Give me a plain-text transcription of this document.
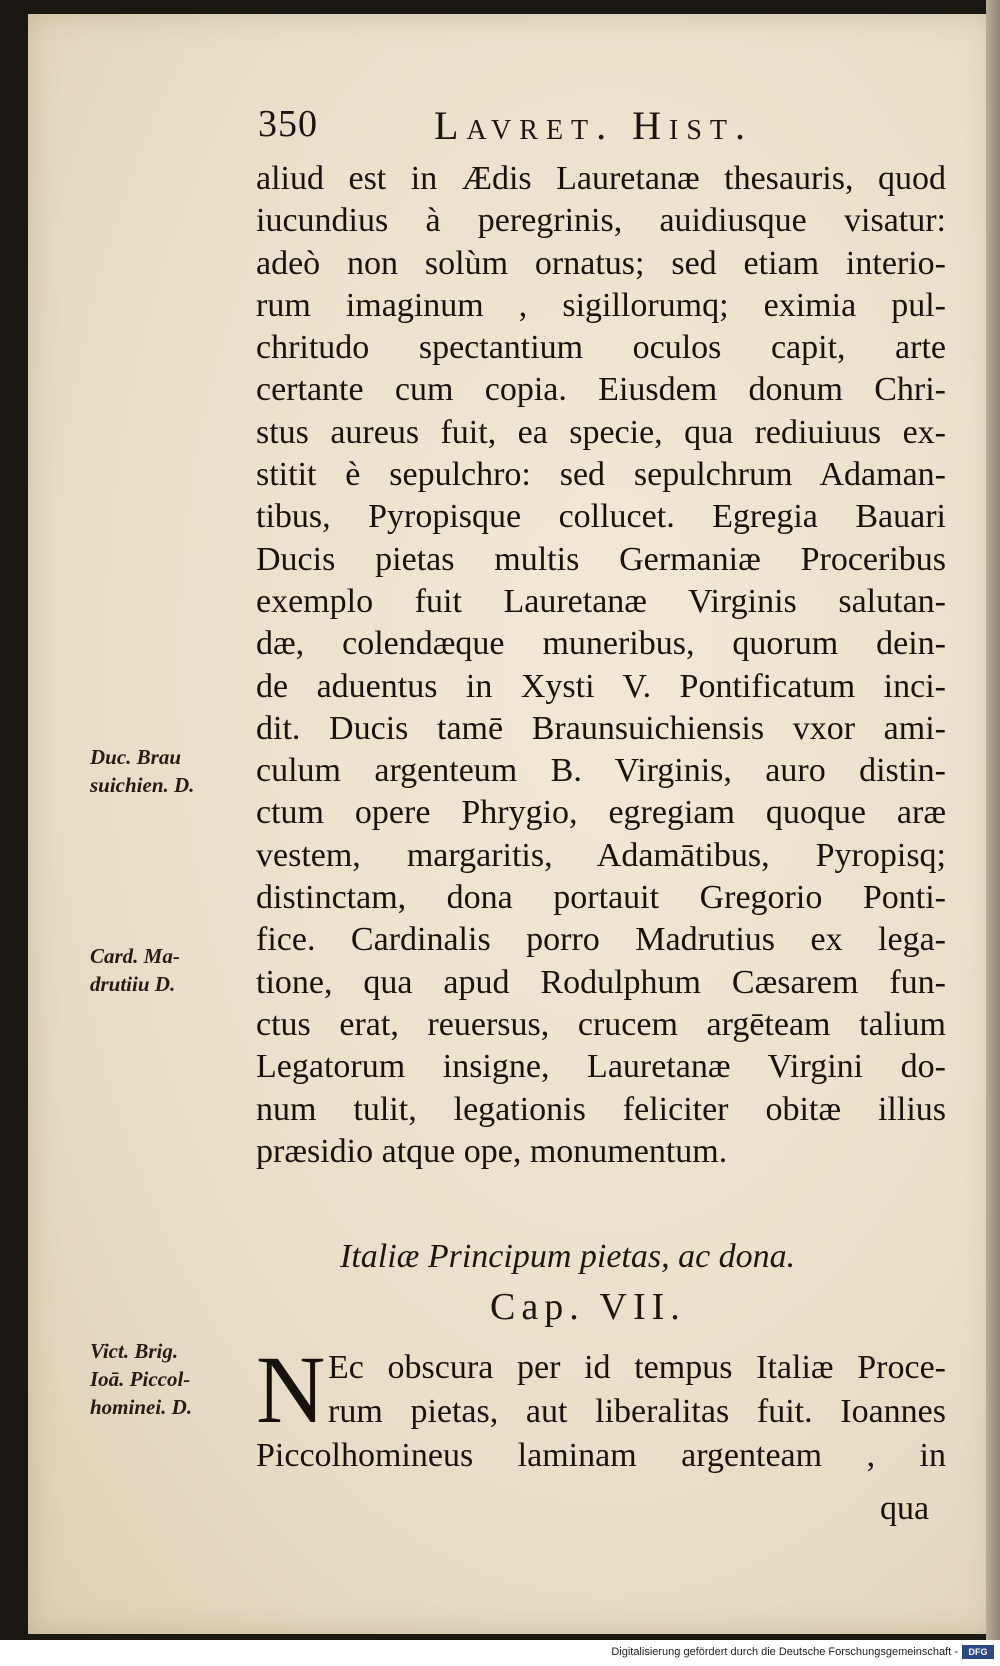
350	Lavret. Hist.
aliud est in Ædis Lauretanæ thesauris, quod
iucundius à peregrinis, auidiusque visatur:
adeò non solùm ornatus; sed etiam interio-
rum imaginum , sigillorumq; eximia pul-
chritudo spectantium oculos capit, arte
certante cum copia. Eiusdem donum Chri-
stus aureus fuit, ea specie, qua rediuiuus ex-
stitit è sepulchro: sed sepulchrum Adaman-
tibus, Pyropisque collucet. Egregia Bauari
Ducis pietas multis Germaniæ Proceribus
exemplo fuit Lauretanæ Virginis salutan-
dæ, colendæque muneribus, quorum dein-
de aduentus in Xysti V. Pontificatum inci-
dit. Ducis tamē Braunsuichiensis vxor ami-
culum argenteum B. Virginis, auro distin-
ctum opere Phrygio, egregiam quoque aræ
vestem, margaritis, Adamātibus, Pyropisq;
distinctam, dona portauit Gregorio Ponti-
fice. Cardinalis porro Madrutius ex lega-
tione, qua apud Rodulphum Cæsarem fun-
ctus erat, reuersus, crucem argēteam talium
Legatorum insigne, Lauretanæ Virgini do-
num tulit, legationis feliciter obitæ illius
præsidio atque ope, monumentum.
Duc. Brau
suichien. D.
Card. Ma-
drutiiu D.
Vict. Brig.
Ioā. Piccol-
hominei. D.
Italiæ Principum pietas, ac dona.
Cap. VII.
N Ec obscura per id tempus Italiæ Proce-
rum pietas, aut liberalitas fuit. Ioannes
Piccolhomineus laminam argenteam , in
qua
Digitalisierung gefördert durch die Deutsche Forschungsgemeinschaft -	DFG
